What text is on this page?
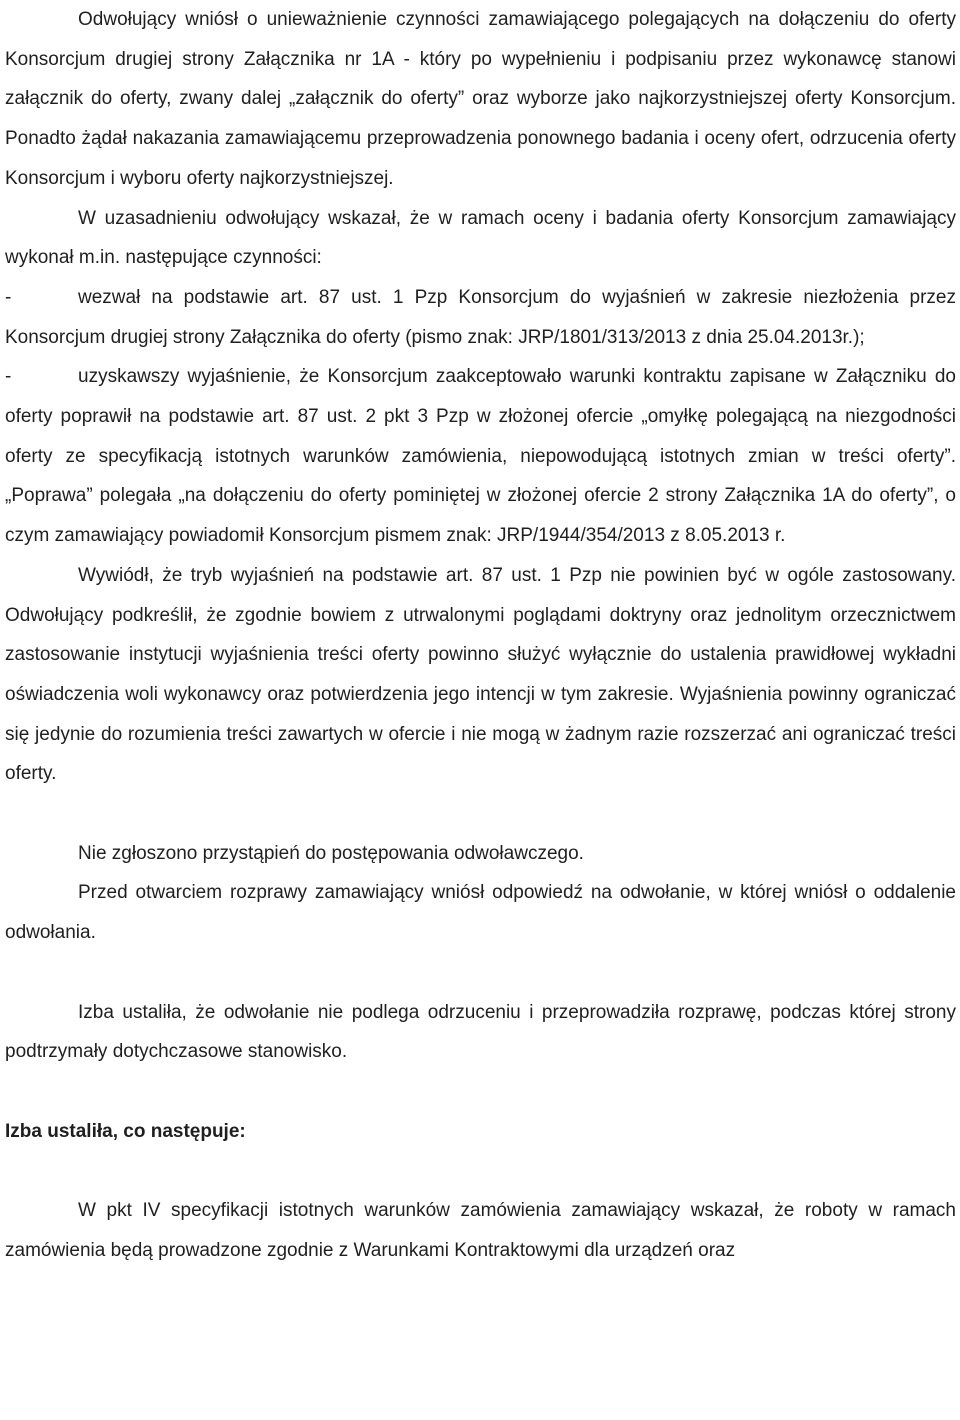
Odwołujący wniósł o unieważnienie czynności zamawiającego polegających na dołączeniu do oferty Konsorcjum drugiej strony Załącznika nr 1A - który po wypełnieniu i podpisaniu przez wykonawcę stanowi załącznik do oferty, zwany dalej „załącznik do oferty” oraz wyborze jako najkorzystniejszej oferty Konsorcjum. Ponadto żądał nakazania zamawiającemu przeprowadzenia ponownego badania i oceny ofert, odrzucenia oferty Konsorcjum i wyboru oferty najkorzystniejszej.

W uzasadnieniu odwołujący wskazał, że w ramach oceny i badania oferty Konsorcjum zamawiający wykonał m.in. następujące czynności:

-	wezwał na podstawie art. 87 ust. 1 Pzp Konsorcjum do wyjaśnień w zakresie niezłożenia przez Konsorcjum drugiej strony Załącznika do oferty (pismo znak: JRP/1801/313/2013 z dnia 25.04.2013r.);

-	uzyskawszy wyjaśnienie, że Konsorcjum zaakceptowało warunki kontraktu zapisane w Załączniku do oferty poprawił na podstawie art. 87 ust. 2 pkt 3 Pzp w złożonej ofercie „omyłkę polegającą na niezgodności oferty ze specyfikacją istotnych warunków zamówienia, niepowodującą istotnych zmian w treści oferty”. „Poprawa” polegała „na dołączeniu do oferty pominiętej w złożonej ofercie 2 strony Załącznika 1A do oferty”, o czym zamawiający powiadomił Konsorcjum pismem znak: JRP/1944/354/2013 z 8.05.2013 r.

Wywiódł, że tryb wyjaśnień na podstawie art. 87 ust. 1 Pzp nie powinien być w ogóle zastosowany. Odwołujący podkreślił, że zgodnie bowiem z utrwalonymi poglądami doktryny oraz jednolitym orzecznictwem zastosowanie instytucji wyjaśnienia treści oferty powinno służyć wyłącznie do ustalenia prawidłowej wykładni oświadczenia woli wykonawcy oraz potwierdzenia jego intencji w tym zakresie. Wyjaśnienia powinny ograniczać się jedynie do rozumienia treści zawartych w ofercie i nie mogą w żadnym razie rozszerzać ani ograniczać treści oferty.

Nie zgłoszono przystąpień do postępowania odwoławczego.

Przed otwarciem rozprawy zamawiający wniósł odpowiedź na odwołanie, w której wniósł o oddalenie odwołania.

Izba ustaliła, że odwołanie nie podlega odrzuceniu i przeprowadziła rozprawę, podczas której strony podtrzymały dotychczasowe stanowisko.

Izba ustaliła, co następuje:

W pkt IV specyfikacji istotnych warunków zamówienia zamawiający wskazał, że roboty w ramach zamówienia będą prowadzone zgodnie z Warunkami Kontraktowymi dla urządzeń oraz
